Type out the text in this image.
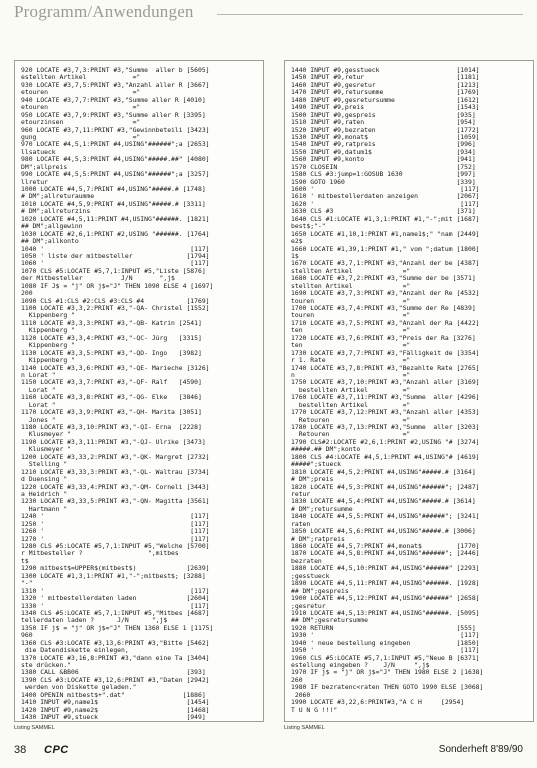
Programm/Anwendungen
920 LOCATE #3,7,3:PRINT #3,"Summe  aller b [5605]
estellten Artikel            ="
930 LOCATE #3,7,5:PRINT #3,"Anzahl aller R [3667]
etouren                      ="
940 LOCATE #3,7,7:PRINT #3,"Summe aller R [4010]
etouren                      ="
950 LOCATE #3,7,9:PRINT #3,"Summe aller R [3395]
etourzinsen                  ="
960 LOCATE #3,7,11:PRINT #3,"Gewinnbeteili [3423]
gung                         ="
970 LOCATE #4,5,1:PRINT #4,USING"######";a [2653]
llsatueck
980 LOCATE #4,5,3:PRINT #4,USING"#####.##" [4080]
DM";allpreis
990 LOCATE #4,5,5:PRINT #4,USING"######";a [3257]
llretur
1000 LOCATE #4,5,7:PRINT #4,USING"#####.# [1748]
# DM";allreturaumme
1010 LOCATE #4,5,9:PRINT #4,USING"#####.# [3311]
# DM";allreturzins
1020 LOCATE #4,5,11:PRINT #4,USING"######. [1821]
## DM";allgewinn
1030 LOCATE #2,6,1:PRINT #2,USING "######. [1764]
## DM";allkonto
1040 '                                      [117]
1050 ' liste der mitbesteller              [1794]
1060 '                                      [117]
1070 CLS #5:LOCATE #5,7,1:INPUT #5,"Liste [5876]
der Mitbesteller          J/N       ",j$
1080 IF J$ = "j" OR j$="J" THEN 1090 ELSE 4 [1697]
200
1090 CLS #1:CLS #2:CLS #3:CLS #4           [1769]
1100 LOCATE #3,3,2:PRINT #3,"-QA- Christel [1552]
Kippenberg "
1110 LOCATE #3,3,3:PRINT #3,"-QB- Katrin [2541]
Kippenberg "
1120 LOCATE #3,3,4:PRINT #3,"-QC- Jürg   [3315]
Kippenberg "
1130 LOCATE #3,3,5:PRINT #3,"-QD- Ingo   [3982]
Kippenberg "
1140 LOCATE #3,3,6:PRINT #3,"-QE- Marieche [3126]
n Lorat "
1150 LOCATE #3,3,7:PRINT #3,"-QF- Ralf   [4590]
Lorat "
1160 LOCATE #3,3,8:PRINT #3,"-QG- Elke   [3846]
Lorat "
1170 LOCATE #3,3,9:PRINT #3,"-QH- Marita [3051]
Jones "
1180 LOCATE #3,3,10:PRINT #3,"-QI- Erna  [2228]
Klusmeyer "
1190 LOCATE #3,3,11:PRINT #3,"-QJ- Ulrike [3473]
Klusmeyer "
1200 LOCATE #3,33,2:PRINT #3,"-QK- Margret [2732]
Stelling "
1210 LOCATE #3,33,3:PRINT #3,"-QL- Waltrau [3734]
d Duensing "
1220 LOCATE #3,33,4:PRINT #3,"-QM- Corneli [3443]
a Heidrich "
1230 LOCATE #3,33,5:PRINT #3,"-QN- Magitta [3561]
Hartmann "
1240 '                                      [117]
1250 '                                      [117]
1260 '                                      [117]
1270 '                                      [117]
1280 CLS #5:LOCATE #5,7,1:INPUT #5,"Welche [5700]
r Mitbesteller ?                 ",mitbes
t$
1290 mitbest$=UPPER$(mitbest$)             [2639]
1300 LOCATE #1,3,1:PRINT #1,"-";mitbest$; [3288]
"-"
1310 '                                      [117]
1320 ' mitbestellerdaten laden             [2604]
1330 '                                      [117]
1340 CLS #5:LOCATE #5,7,1:INPUT #5,"Mitbes [4687]
tellerdaten laden ?      J/N      ",j$
1350 IF j$ = "j" OR j$="J" THEN 1360 ELSE 1 [1175]
960
1360 CLS #3:LOCATE #3,13,6:PRINT #3,"Bitte [5462]
die Datendiskette einlegen,
1370 LOCATE #3,16,8:PRINT #3,"dann eine Ta [3404]
ste drücken."
1380 CALL &BB06                            [393]
1390 CLS #3:LOCATE #3,12,6:PRINT #3,"Daten [2942]
werden von Diskette geladen."
1400 OPENIN mitbest$+".dat"               [1886]
1410 INPUT #9,name1$                       [1454]
1420 INPUT #9,name2$                       [1468]
1430 INPUT #9,stueck                       [949]
Listing SAMMEL
1440 INPUT #9,gesstueck                    [1014]
1450 INPUT #9,retur                        [1181]
1460 INPUT #9,gesretur                     [1213]
1470 INPUT #9,retursumme                   [1769]
1480 INPUT #9,gesretursumme                [1612]
1490 INPUT #9,preis                        [1543]
1500 INPUT #9,gespreis                     [935]
1510 INPUT #9,raten                        [954]
1520 INPUT #9,bezraten                     [1772]
1530 INPUT #9,monat$                       [1059]
1540 INPUT #9,ratpreis                     [996]
1550 INPUT #9,datum1$                      [934]
1560 INPUT #9,konto                        [941]
1570 CLOSEIN                               [752]
1580 CLS #3:jump=1:GOSUB 1630              [997]
1590 GOTO 1960                             [339]
1600 '                                      [117]
1610 ' mitbestellerdaten anzeigen          [2067]
1620 '                                      [117]
1630 CLS #3                                [371]
1640 CLS #1:LOCATE #1,3,1:PRINT #1,"-";mit [1687]
best$;"-"
1650 LOCATE #1,10,1:PRINT #1,name1$;" "nam [2449]
e2$
1660 LOCATE #1,39,1:PRINT #1," vom ";datum [1800]
1$
1670 LOCATE #3,7,1:PRINT #3,"Anzahl der be [4387]
stellten Artikel             ="
1680 LOCATE #3,7,2:PRINT #3,"Summe der be [3571]
stellten Artikel             ="
1690 LOCATE #3,7,3:PRINT #3,"Anzahl der Re [4532]
touren                       ="
1700 LOCATE #3,7,4:PRINT #3,"Summe der Re [4839]
touren                       ="
1710 LOCATE #3,7,5:PRINT #3,"Anzahl der Ra [4422]
ten                          ="
1720 LOCATE #3,7,6:PRINT #3,"Preis der Ra [3276]
ten                          ="
1730 LOCATE #3,7,7:PRINT #3,"Fälligkeit de [3354]
r 1. Rate                    ="
1740 LOCATE #3,7,8:PRINT #3,"Bezahlte Rate [2765]
n                            ="
1750 LOCATE #3,7,10:PRINT #3,"Anzahl aller [3169]
bestellten Artikel         ="
1760 LOCATE #3,7,11:PRINT #3,"Summe  aller [4296]
bestellten Artikel         ="
1770 LOCATE #3,7,12:PRINT #3,"Anzahl aller [4353]
Retouren                   ="
1780 LOCATE #3,7,13:PRINT #3,"Summe  aller [3203]
Retouren                   ="
1790 CLS#2:LOCATE #2,6,1:PRINT #2,USING "# [3274]
#####.## DM";konto
1800 CLS #4:LOCATE #4,5,1:PRINT #4,USING"# [4619]
#####";stueck
1810 LOCATE #4,5,2:PRINT #4,USING"#####.# [3164]
# DM";preis
1820 LOCATE #4,5,3:PRINT #4,USING"######"; [2487]
retur
1830 LOCATE #4,5,4:PRINT #4,USING"#####.# [3614]
# DM";retursumme
1840 LOCATE #4,5,5:PRINT #4,USING"######"; [3241]
raten
1850 LOCATE #4,5,6:PRINT #4,USING"#####.# [3006]
# DM";ratpreis
1860 LOCATE #4,5,7:PRINT #4,monat$         [1770]
1870 LOCATE #4,5,8:PRINT #4,USING"######"; [2446]
bezraten
1880 LOCATE #4,5,10:PRINT #4,USING"######" [2293]
;gesstueck
1890 LOCATE #4,5,11:PRINT #4,USING"######. [1928]
## DM";gespreis
1900 LOCATE #4,5,12:PRINT #4,USING"######" [2658]
;gesretur
1910 LOCATE #4,5,13:PRINT #4,USING"######. [5095]
## DM";gesretursumme
1920 RETURN                                [555]
1930 '                                      [117]
1940 ' neue bestellung eingeben            [1850]
1950 '                                      [117]
1960 CLS #5:LOCATE #5,7,1:INPUT #5,"Neue B [6371]
estellung eingeben ?    J/N     ",j$
1970 IF j$ = "j" OR j$="J" THEN 1980 ELSE 2 [1638]
260
1980 IF bezratenc<raten THEN GOTO 1990 ELSE [3068]
2060
1990 LOCATE #3,22,6:PRINT#3,"A C H     [2954]
T U N G !!!"
Listing SAMMEL
38 CPC	Sonderheft 8'89/90
